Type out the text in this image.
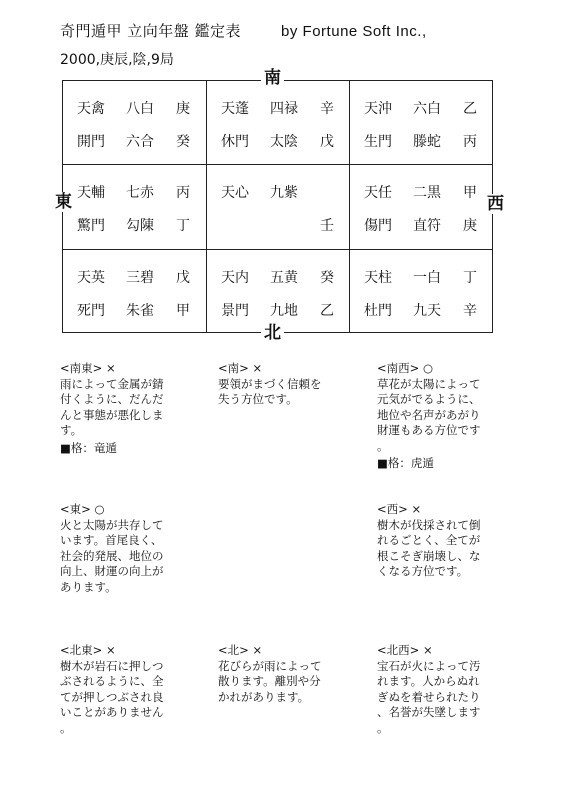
奇門遁甲 立向年盤 鑑定表	by Fortune Soft Inc.,
2000,庚辰,陰,9局
天禽 八白 庚
開門 六合 癸
天蓬 四禄 辛
休門 太陰 戊
天沖 六白 乙
生門 滕蛇 丙
天輔 七赤 丙
驚門 勾陳 丁
天心 九紫
壬
天任 二黒 甲
傷門 直符 庚
天英 三碧 戊
死門 朱雀 甲
天内 五黄 癸
景門 九地 乙
天柱 一白 丁
杜門 九天 辛
南
北
東	西
<南東> ×
雨によって金属が錆
付くように、だんだ
んと事態が悪化しま
す。
■格：竜遁
<南> ×
要領がまづく信頼を
失う方位です。
<南西> ○
草花が太陽によって
元気がでるように、
地位や名声があがり
財運もある方位です
。
■格：虎遁
<東> ○
火と太陽が共存して
います。首尾良く、
社会的発展、地位の
向上、財運の向上が
あります。
<西> ×
樹木が伐採されて倒
れるごとく、全てが
根こそぎ崩壊し、な
くなる方位です。
<北東> ×
樹木が岩石に押しつ
ぶされるように、全
てが押しつぶされ良
いことがありません
。
<北> ×
花びらが雨によって
散ります。離別や分
かれがあります。
<北西> ×
宝石が火によって汚
れます。人からぬれ
ぎぬを着せられたり
、名誉が失墜します
。
